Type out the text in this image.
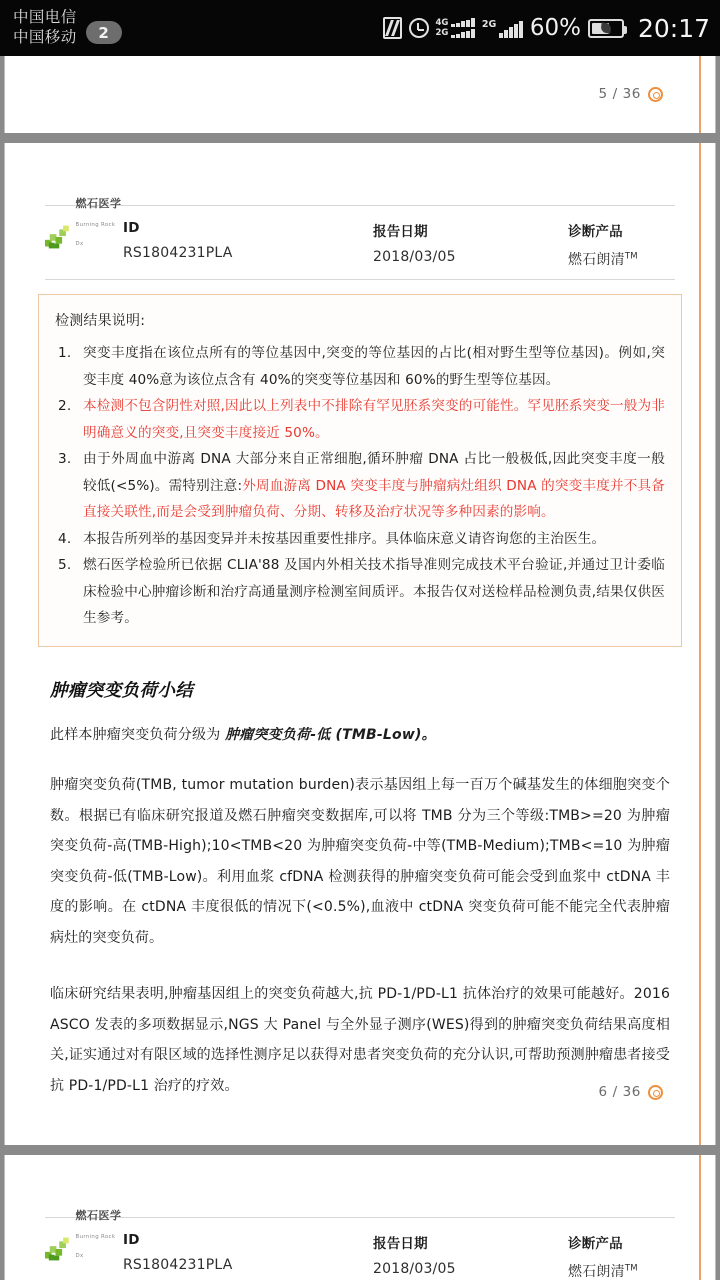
中国电信
中国移动	2
4G
2G
2G 60% 20:17
5 / 36
燃石医学
Burning Rock Dx
ID
RS1804231PLA
报告日期
2018/03/05
诊断产品
燃石朗清™
检测结果说明:
突变丰度指在该位点所有的等位基因中,突变的等位基因的占比(相对野生型等位基因)。例如,突变丰度 40%意为该位点含有 40%的突变等位基因和 60%的野生型等位基因。
本检测不包含阴性对照,因此以上列表中不排除有罕见胚系突变的可能性。罕见胚系突变一般为非明确意义的突变,且突变丰度接近 50%。
由于外周血中游离 DNA 大部分来自正常细胞,循环肿瘤 DNA 占比一般极低,因此突变丰度一般较低(<5%)。需特别注意:外周血游离 DNA 突变丰度与肿瘤病灶组织 DNA 的突变丰度并不具备直接关联性,而是会受到肿瘤负荷、分期、转移及治疗状况等多种因素的影响。
本报告所列举的基因变异并未按基因重要性排序。具体临床意义请咨询您的主治医生。
燃石医学检验所已依据 CLIA'88 及国内外相关技术指导准则完成技术平台验证,并通过卫计委临床检验中心肿瘤诊断和治疗高通量测序检测室间质评。本报告仅对送检样品检测负责,结果仅供医生参考。
肿瘤突变负荷小结
此样本肿瘤突变负荷分级为 肿瘤突变负荷-低 (TMB-Low)。
肿瘤突变负荷(TMB, tumor mutation burden)表示基因组上每一百万个碱基发生的体细胞突变个数。根据已有临床研究报道及燃石肿瘤突变数据库,可以将 TMB 分为三个等级:TMB>=20 为肿瘤突变负荷-高(TMB-High);10<TMB<20 为肿瘤突变负荷-中等(TMB-Medium);TMB<=10 为肿瘤突变负荷-低(TMB-Low)。利用血浆 cfDNA 检测获得的肿瘤突变负荷可能会受到血浆中 ctDNA 丰度的影响。在 ctDNA 丰度很低的情况下(<0.5%),血液中 ctDNA 突变负荷可能不能完全代表肿瘤病灶的突变负荷。
临床研究结果表明,肿瘤基因组上的突变负荷越大,抗 PD-1/PD-L1 抗体治疗的效果可能越好。2016 ASCO 发表的多项数据显示,NGS 大 Panel 与全外显子测序(WES)得到的肿瘤突变负荷结果高度相关,证实通过对有限区域的选择性测序足以获得对患者突变负荷的充分认识,可帮助预测肿瘤患者接受抗 PD-1/PD-L1 治疗的疗效。	6 / 36
燃石医学
Burning Rock Dx
ID
RS1804231PLA
报告日期
2018/03/05
诊断产品
燃石朗清™
